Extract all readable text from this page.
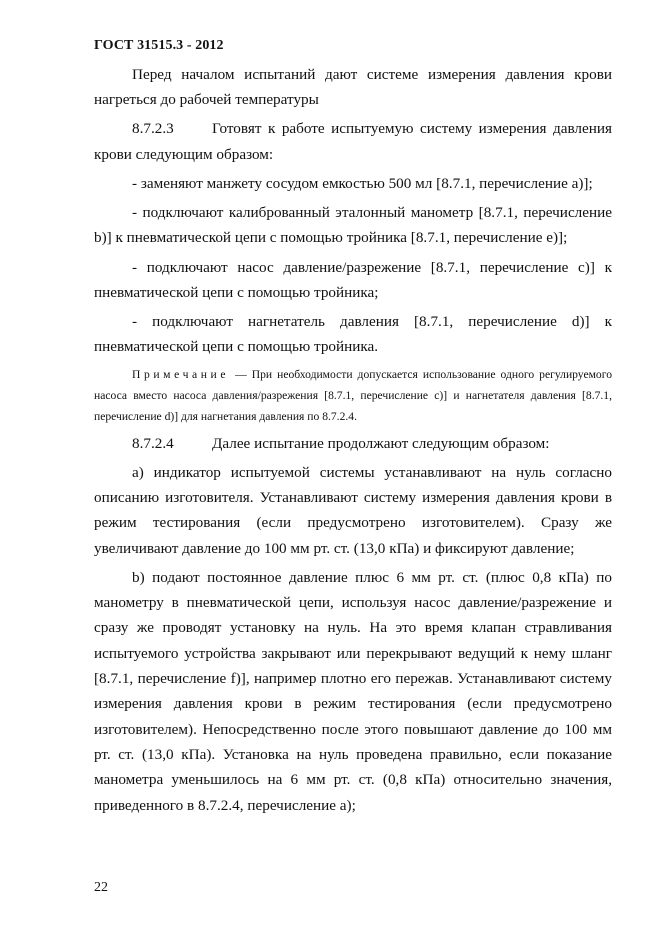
ГОСТ 31515.3 - 2012

Перед началом испытаний дают системе измерения давления крови нагреться до рабочей температуры

8.7.2.3	Готовят к работе испытуемую систему измерения давления крови следующим образом:

- заменяют манжету сосудом емкостью 500 мл [8.7.1, перечисление а)];

- подключают калиброванный эталонный манометр [8.7.1, перечисление b)] к пневматической цепи с помощью тройника [8.7.1, перечисление е)];

- подключают насос давление/разрежение [8.7.1, перечисление с)] к пневматической цепи с помощью тройника;

- подключают нагнетатель давления [8.7.1, перечисление d)] к пневматической цепи с помощью тройника.

Примечание — При необходимости допускается использование одного регулируемого насоса вместо насоса давления/разрежения [8.7.1, перечисление с)] и нагнетателя давления [8.7.1, перечисление d)] для нагнетания давления по 8.7.2.4.

8.7.2.4	Далее испытание продолжают следующим образом:

а) индикатор испытуемой системы устанавливают на нуль согласно описанию изготовителя. Устанавливают систему измерения давления крови в режим тестирования (если предусмотрено изготовителем). Сразу же увеличивают давление до 100 мм рт. ст. (13,0 кПа) и фиксируют давление;

b) подают постоянное давление плюс 6 мм рт. ст. (плюс 0,8 кПа) по манометру в пневматической цепи, используя насос давление/разрежение и сразу же проводят установку на нуль. На это время клапан стравливания испытуемого устройства закрывают или перекрывают ведущий к нему шланг [8.7.1, перечисление f)], например плотно его пережав. Устанавливают систему измерения давления крови в режим тестирования (если предусмотрено изготовителем). Непосредственно после этого повышают давление до 100 мм рт. ст. (13,0 кПа). Установка на нуль проведена правильно, если показание манометра уменьшилось на 6 мм рт. ст. (0,8 кПа) относительно значения, приведенного в 8.7.2.4, перечисление а);

22
